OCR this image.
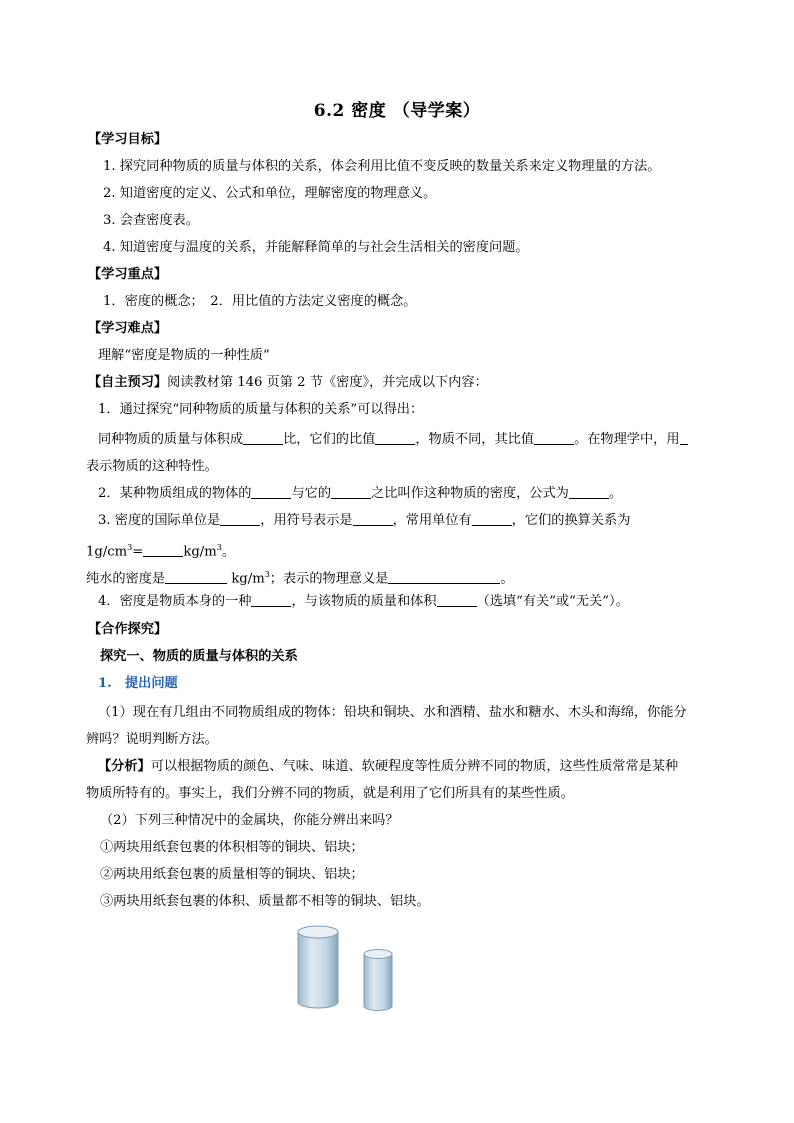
6.2 密度 （导学案）
【学习目标】
1. 探究同种物质的质量与体积的关系，体会利用比值不变反映的数量关系来定义物理量的方法。
2. 知道密度的定义、公式和单位，理解密度的物理意义。
3. 会查密度表。
4. 知道密度与温度的关系，并能解释简单的与社会生活相关的密度问题。
【学习重点】
1．密度的概念；　2．用比值的方法定义密度的概念。
【学习难点】
理解“密度是物质的一种性质”
【自主预习】阅读教材第 146 页第 2 节《密度》，并完成以下内容：
1．通过探究“同种物质的质量与体积的关系”可以得出：
同种物质的质量与体积成	比，它们的比值	，物质不同，其比值	。在物理学中，用
表示物质的这种特性。
2．某种物质组成的物体的	与它的	之比叫作这种物质的密度，公式为	。
3. 密度的国际单位是	，用符号表示是	，常用单位有	，它们的换算关系为
$1g/cm^3=$	$kg/m^3$。
纯水的密度是	$kg/m^3$；表示的物理意义是	。
4．密度是物质本身的一种	，与该物质的质量和体积	（选填“有关”或“无关”）。
【合作探究】
探究一、物质的质量与体积的关系
1.　提出问题
（1）现在有几组由不同物质组成的物体：铅块和铜块、水和酒精、盐水和糖水、木头和海绵，你能分
辨吗？说明判断方法。
【分析】可以根据物质的颜色、气味、味道、软硬程度等性质分辨不同的物质，这些性质常常是某种
物质所特有的。事实上，我们分辨不同的物质，就是利用了它们所具有的某些性质。
（2）下列三种情况中的金属块，你能分辨出来吗？
①两块用纸套包裹的体积相等的铜块、铝块；
②两块用纸套包裹的质量相等的铜块、铝块；
③两块用纸套包裹的体积、质量都不相等的铜块、铝块。
